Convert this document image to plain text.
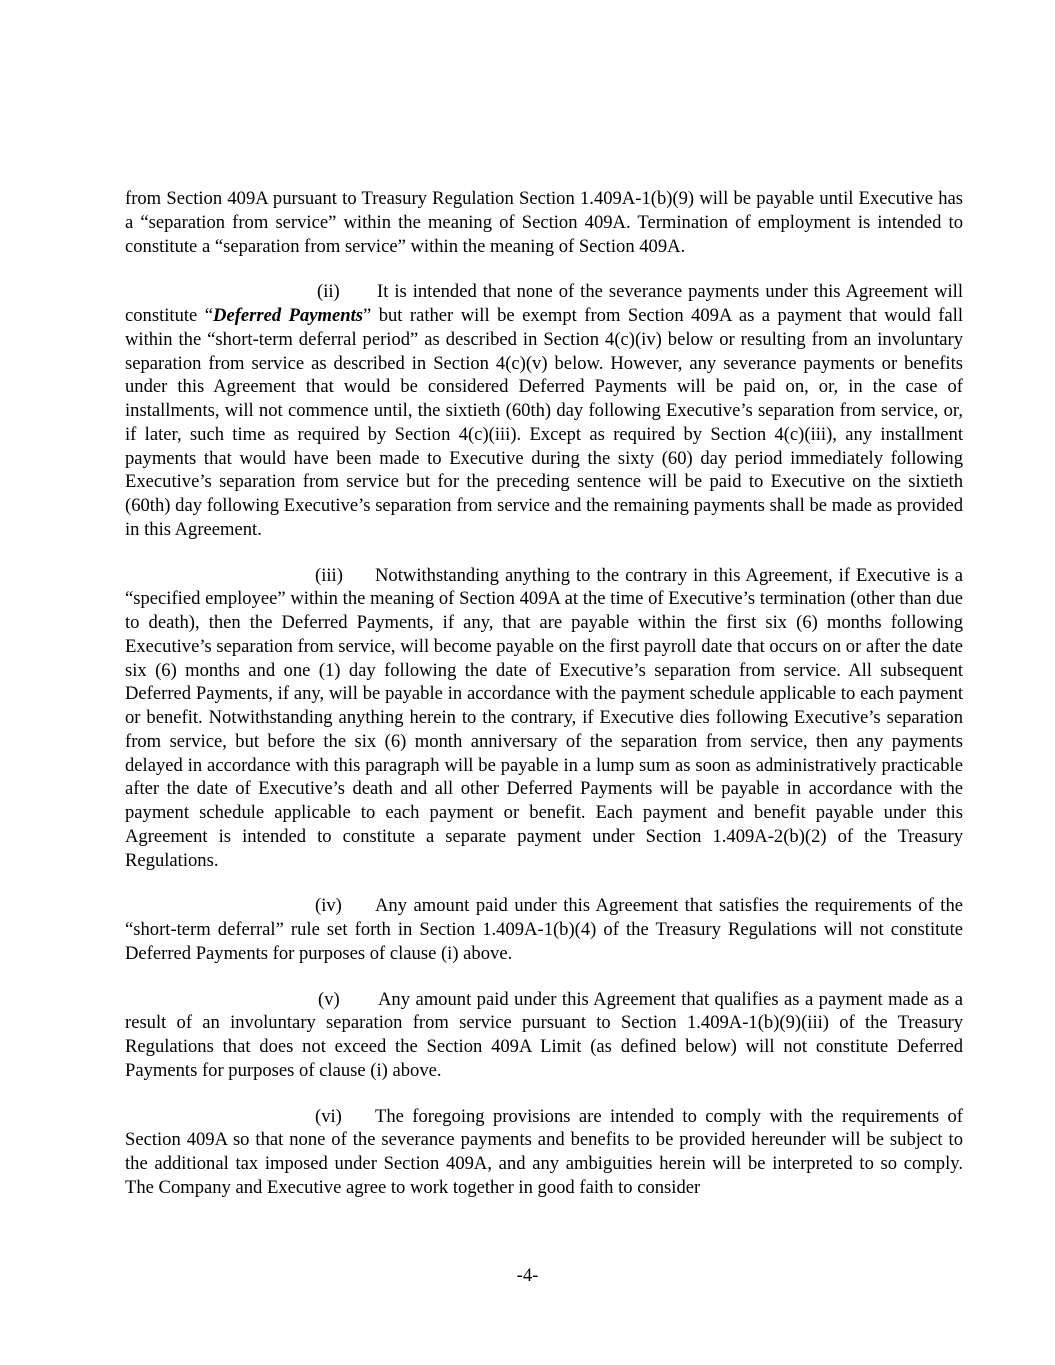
from Section 409A pursuant to Treasury Regulation Section 1.409A-1(b)(9) will be payable until Executive has a “separation from service” within the meaning of Section 409A. Termination of employment is intended to constitute a “separation from service” within the meaning of Section 409A.

(ii) It is intended that none of the severance payments under this Agreement will constitute “Deferred Payments” but rather will be exempt from Section 409A as a payment that would fall within the “short-term deferral period” as described in Section 4(c)(iv) below or resulting from an involuntary separation from service as described in Section 4(c)(v) below. However, any severance payments or benefits under this Agreement that would be considered Deferred Payments will be paid on, or, in the case of installments, will not commence until, the sixtieth (60th) day following Executive’s separation from service, or, if later, such time as required by Section 4(c)(iii). Except as required by Section 4(c)(iii), any installment payments that would have been made to Executive during the sixty (60) day period immediately following Executive’s separation from service but for the preceding sentence will be paid to Executive on the sixtieth (60th) day following Executive’s separation from service and the remaining payments shall be made as provided in this Agreement.

(iii) Notwithstanding anything to the contrary in this Agreement, if Executive is a “specified employee” within the meaning of Section 409A at the time of Executive’s termination (other than due to death), then the Deferred Payments, if any, that are payable within the first six (6) months following Executive’s separation from service, will become payable on the first payroll date that occurs on or after the date six (6) months and one (1) day following the date of Executive’s separation from service. All subsequent Deferred Payments, if any, will be payable in accordance with the payment schedule applicable to each payment or benefit. Notwithstanding anything herein to the contrary, if Executive dies following Executive’s separation from service, but before the six (6) month anniversary of the separation from service, then any payments delayed in accordance with this paragraph will be payable in a lump sum as soon as administratively practicable after the date of Executive’s death and all other Deferred Payments will be payable in accordance with the payment schedule applicable to each payment or benefit. Each payment and benefit payable under this Agreement is intended to constitute a separate payment under Section 1.409A-2(b)(2) of the Treasury Regulations.

(iv) Any amount paid under this Agreement that satisfies the requirements of the “short-term deferral” rule set forth in Section 1.409A-1(b)(4) of the Treasury Regulations will not constitute Deferred Payments for purposes of clause (i) above.

(v) Any amount paid under this Agreement that qualifies as a payment made as a result of an involuntary separation from service pursuant to Section 1.409A-1(b)(9)(iii) of the Treasury Regulations that does not exceed the Section 409A Limit (as defined below) will not constitute Deferred Payments for purposes of clause (i) above.

(vi) The foregoing provisions are intended to comply with the requirements of Section 409A so that none of the severance payments and benefits to be provided hereunder will be subject to the additional tax imposed under Section 409A, and any ambiguities herein will be interpreted to so comply. The Company and Executive agree to work together in good faith to consider

-4-
